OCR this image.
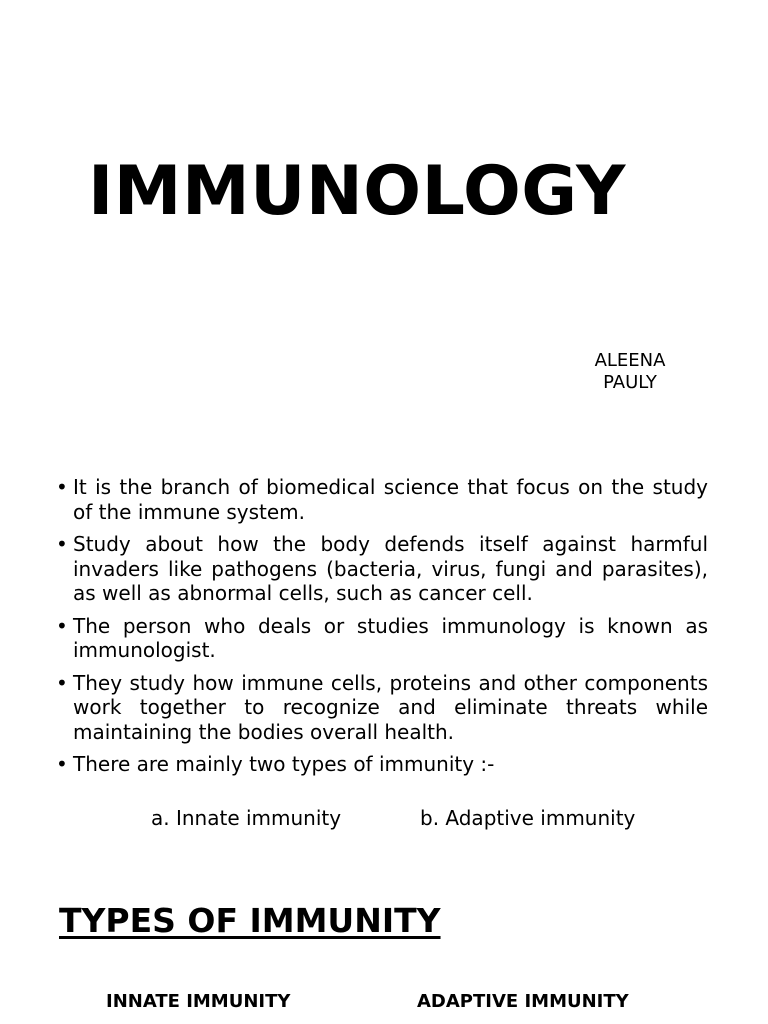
IMMUNOLOGY
ALEENA
PAULY
• It is the branch of biomedical science that focus on the study of the immune system.
• Study about how the body defends itself against harmful invaders like pathogens (bacteria, virus, fungi and parasites), as well as abnormal cells, such as cancer cell.
• The person who deals or studies immunology is known as immunologist.
• They study how immune cells, proteins and other components work together to recognize and eliminate threats while maintaining the bodies overall health.
• There are mainly two types of immunity :-
a. Innate immunity	b. Adaptive immunity
TYPES OF IMMUNITY
INNATE IMMUNITY	ADAPTIVE IMMUNITY
